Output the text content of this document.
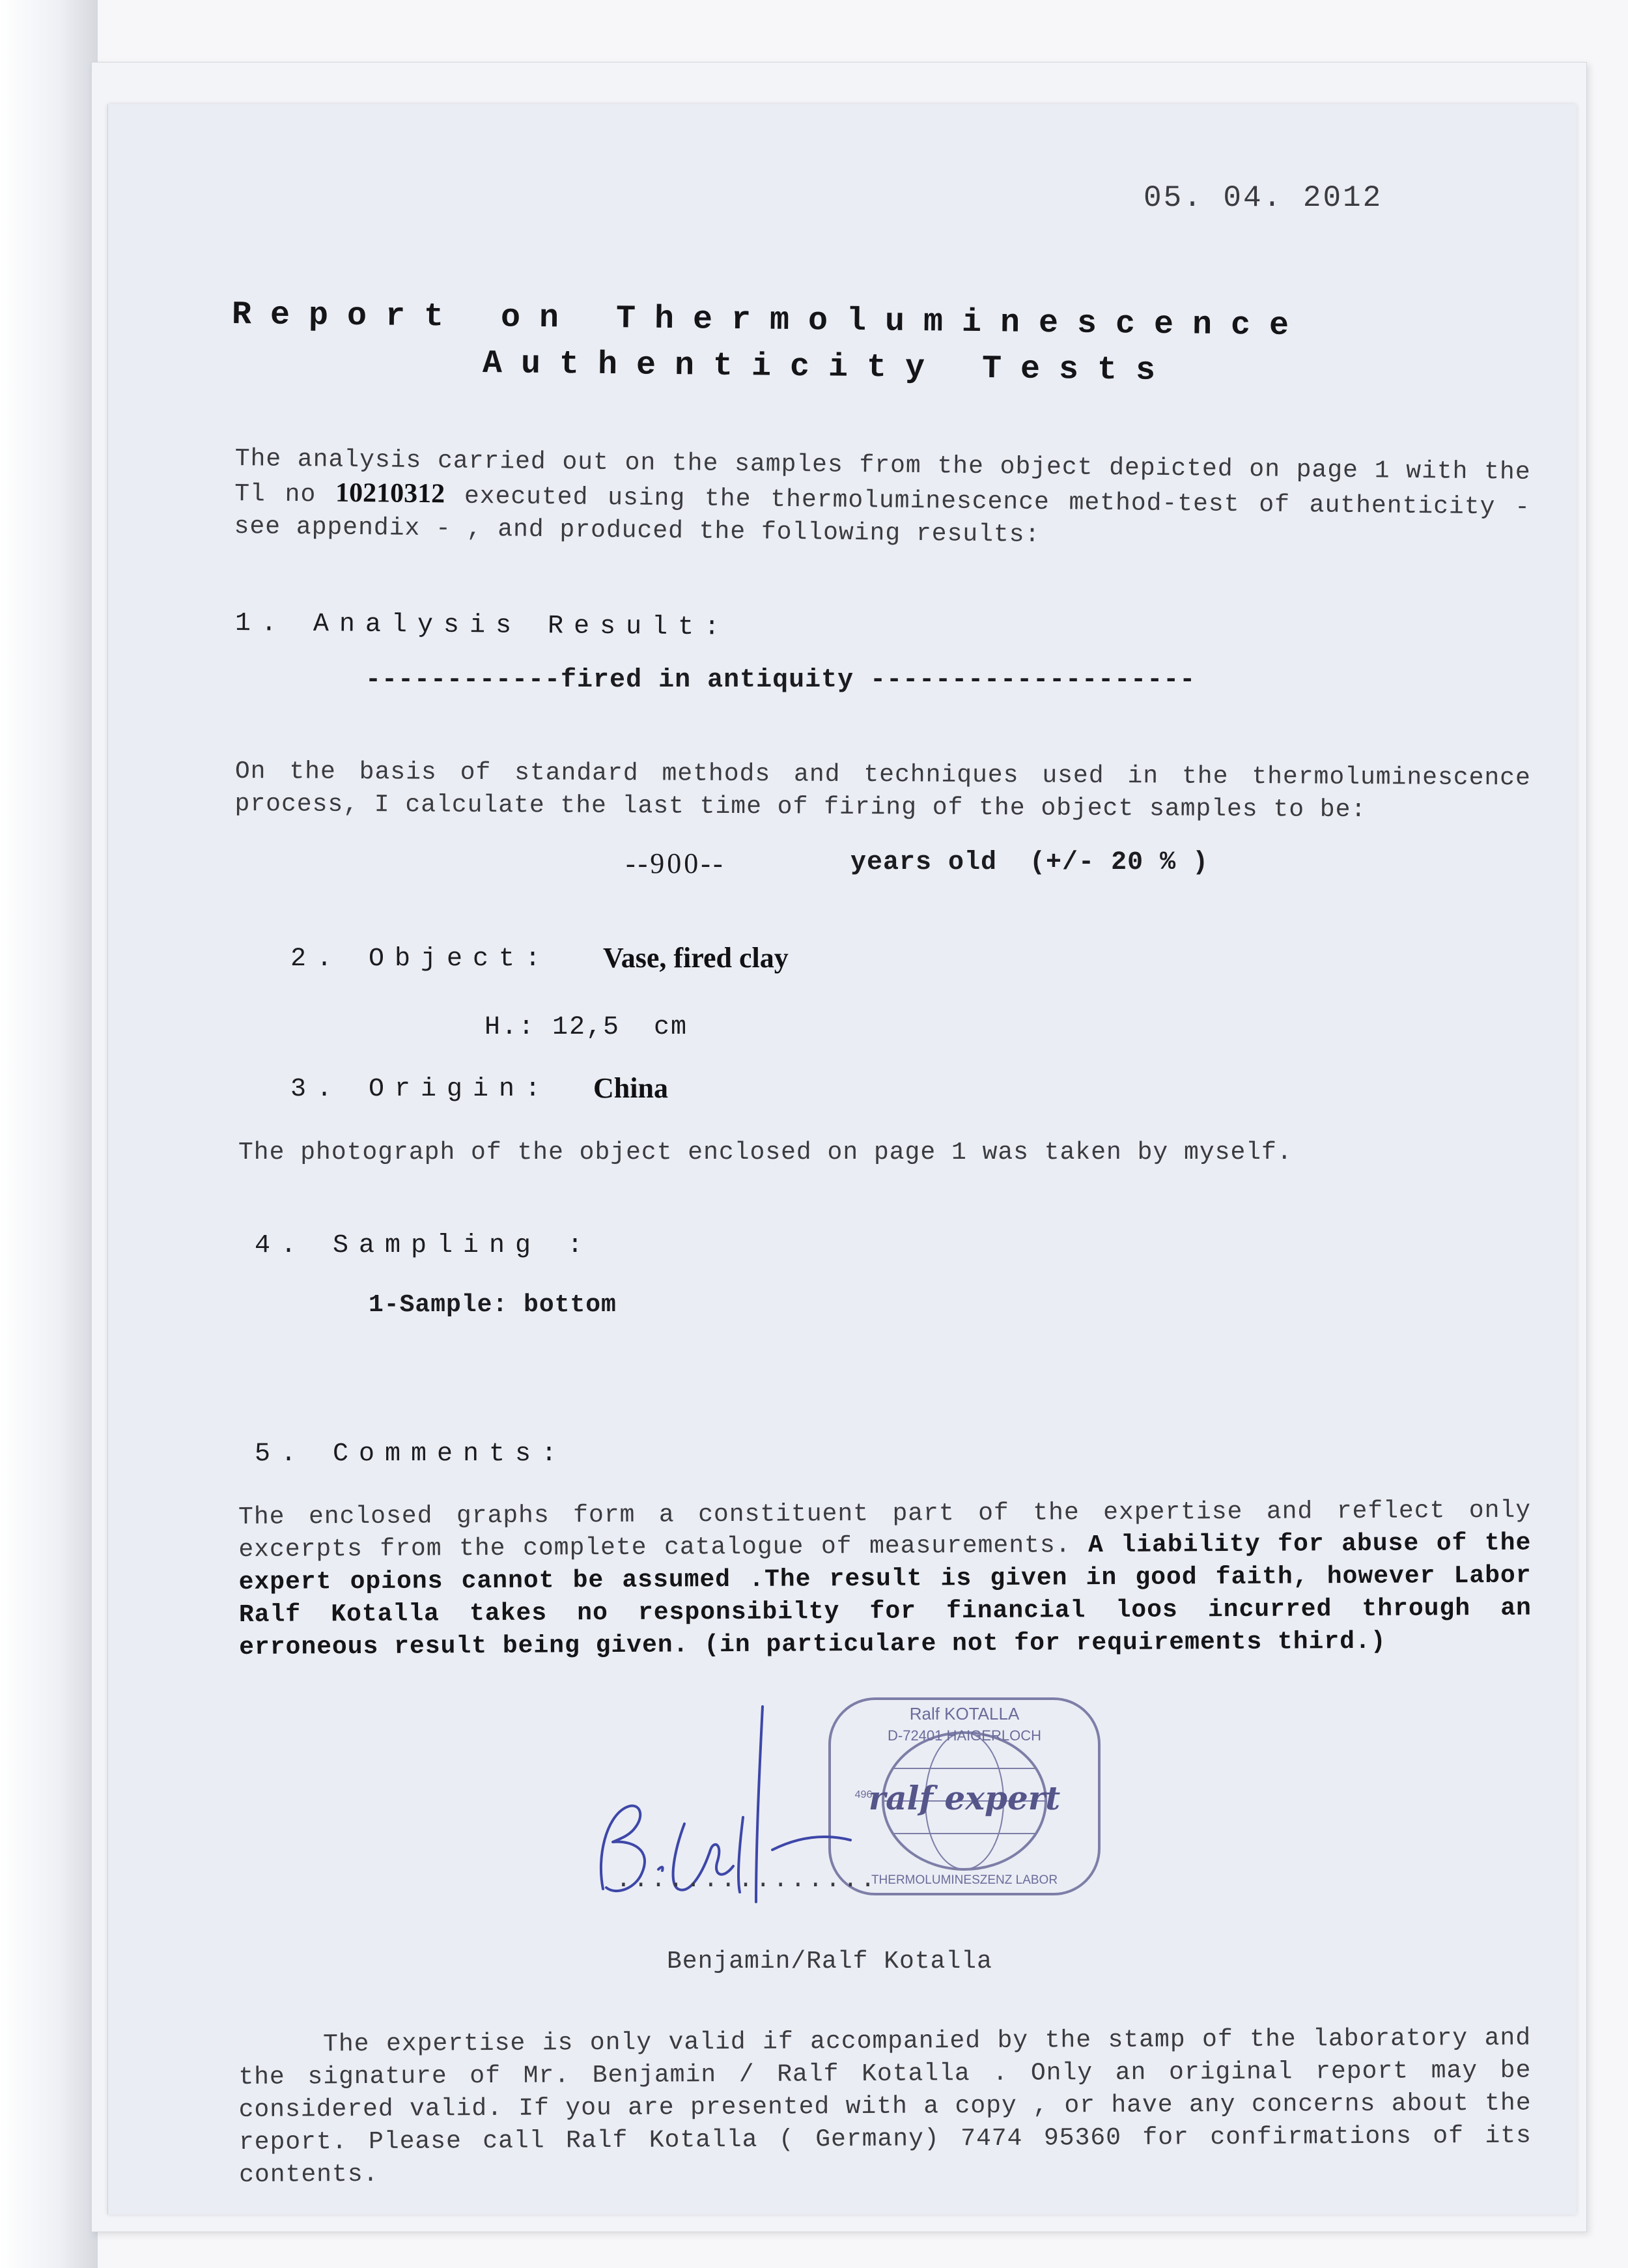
05. 04. 2012

Report on Thermoluminescence

Authenticity Tests

The analysis carried out on the samples from the object depicted on page 1 with the Tl no 10210312 executed using the thermoluminescence method-test of authenticity -see appendix - , and produced the following results:

1. Analysis Result:

------------fired in antiquity --------------------

On the basis of standard methods and techniques used in the thermoluminescence process, I calculate the last time of firing of the object samples to be:

--900--	years old  (+/- 20 % )

2. Object: Vase, fired clay

H.: 12,5  cm

3. Origin: China

The photograph of the object enclosed on page 1 was taken by myself.

4. Sampling :

1-Sample: bottom

5. Comments:

The enclosed graphs form a constituent part of the expertise and reflect only excerpts from the complete catalogue of measurements. A liability for abuse of the expert opions cannot be assumed .The result is given in good faith, however Labor Ralf Kotalla takes no responsibilty for financial loos incurred through an erroneous result being given. (in particulare not for requirements third.)

Ralf KOTALLA
D-72401 HAIGERLOCH
ralf expert
THERMOLUMINESZENZ LABOR
496

...............

Benjamin/Ralf Kotalla

The expertise is only valid if accompanied by the stamp of the laboratory and the signature of Mr. Benjamin / Ralf Kotalla . Only an original report may be considered valid. If you are presented with a copy , or have any concerns about the report. Please call Ralf Kotalla ( Germany) 7474 95360 for confirmations of its contents.
